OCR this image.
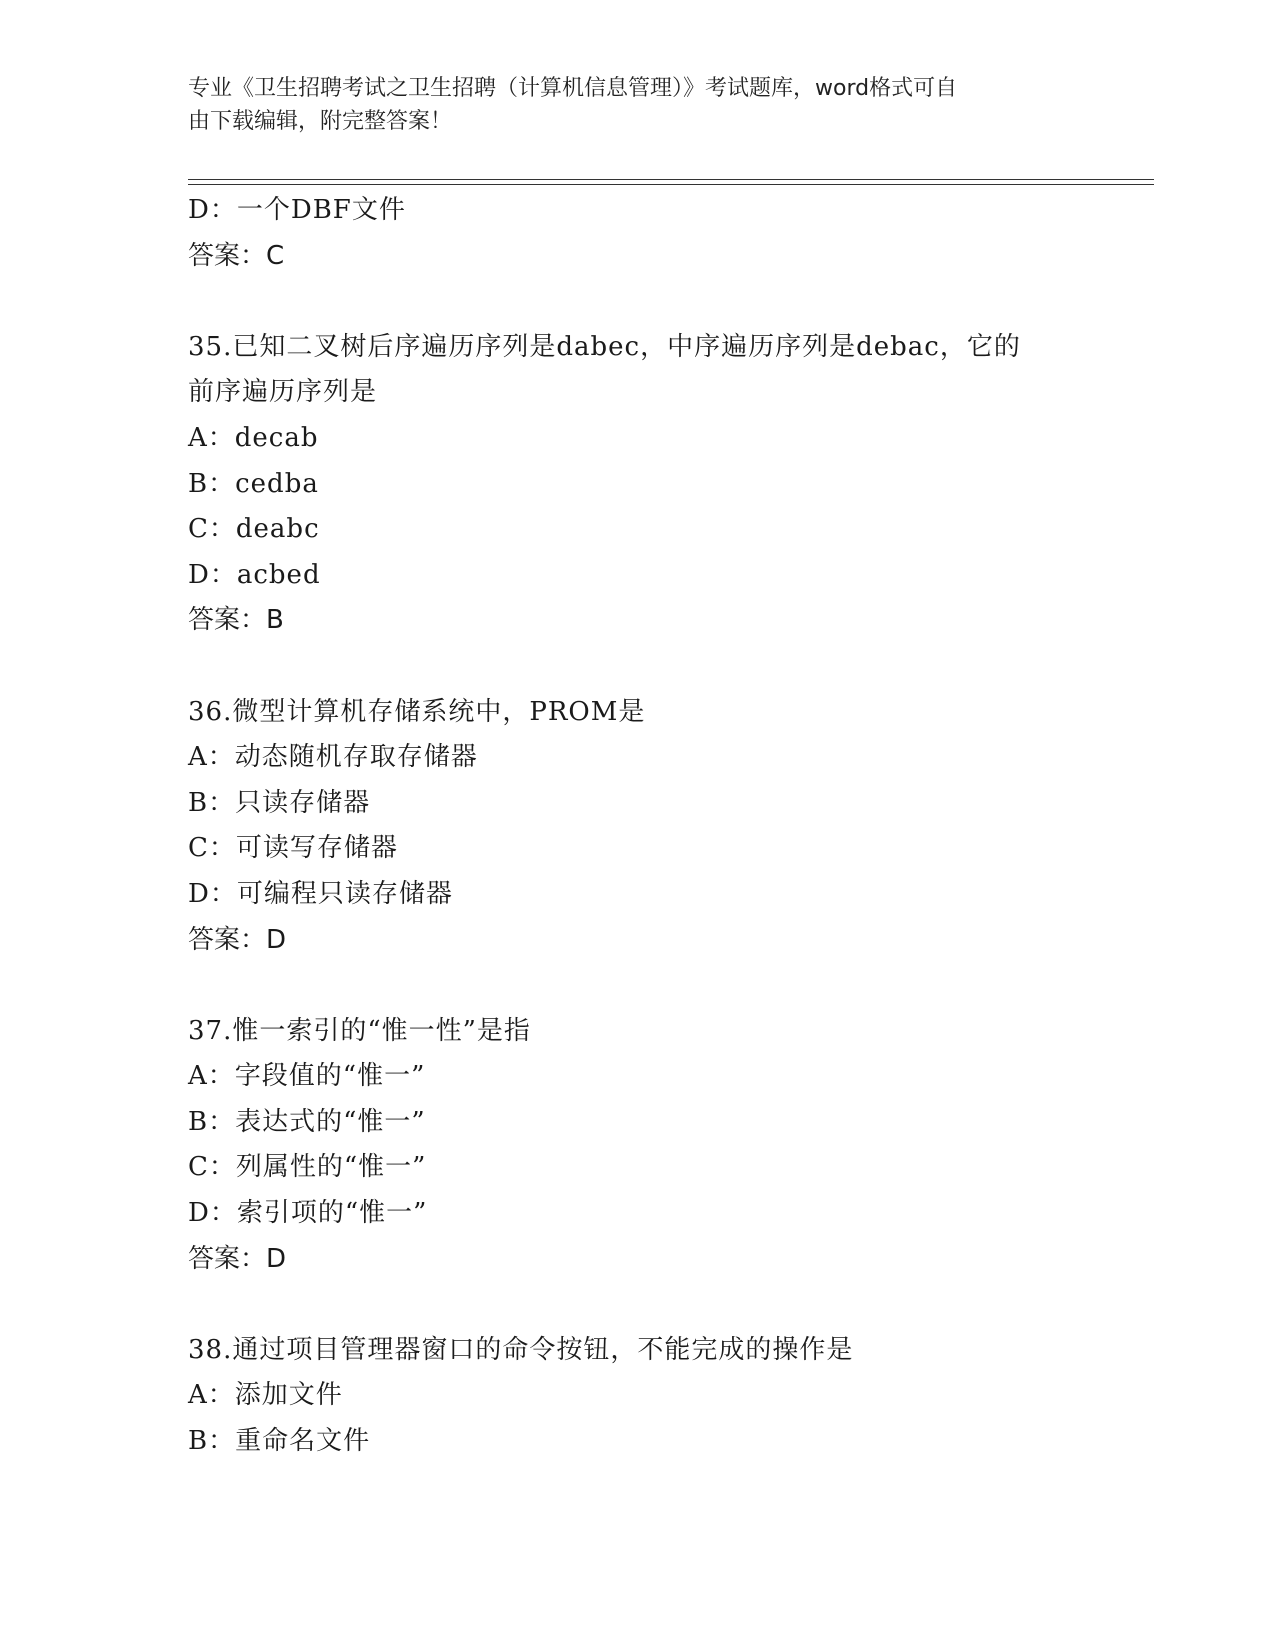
专业《卫生招聘考试之卫生招聘（计算机信息管理）》考试题库，word格式可自
由下载编辑，附完整答案！
D：一个DBF文件
答案：C
35.已知二叉树后序遍历序列是dabec，中序遍历序列是debac，它的
前序遍历序列是
A：decab
B：cedba
C：deabc
D：acbed
答案：B
36.微型计算机存储系统中，PROM是
A：动态随机存取存储器
B：只读存储器
C：可读写存储器
D：可编程只读存储器
答案：D
37.惟一索引的“惟一性”是指
A：字段值的“惟一”
B：表达式的“惟一”
C：列属性的“惟一”
D：索引项的“惟一”
答案：D
38.通过项目管理器窗口的命令按钮，不能完成的操作是
A：添加文件
B：重命名文件
